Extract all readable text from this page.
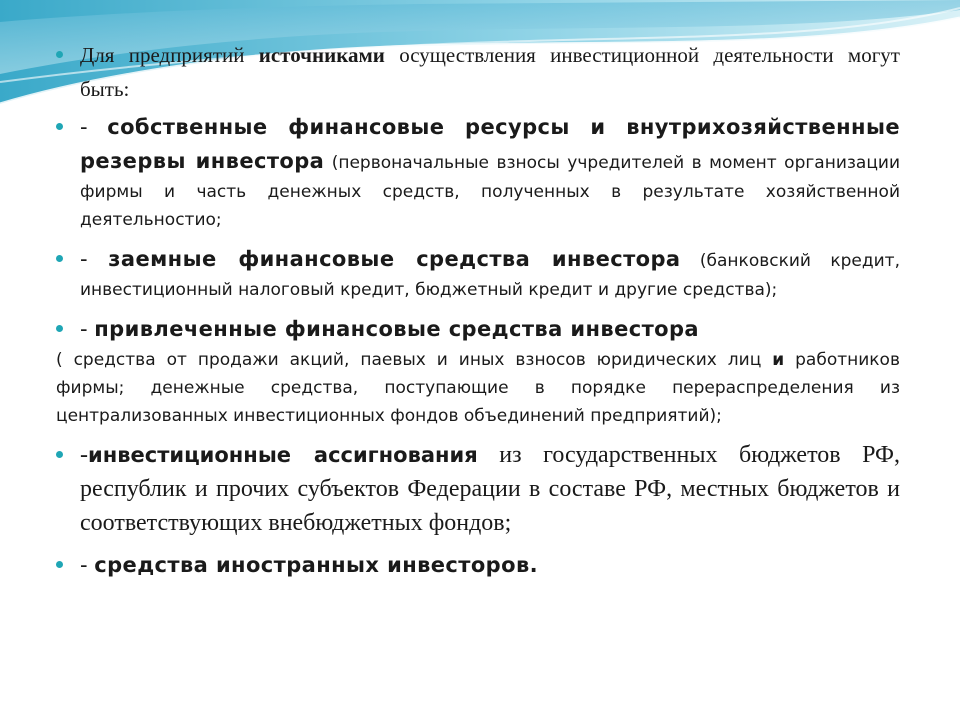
Для предприятий источниками осуществления инвестиционной деятельности могут быть:
- собственные финансовые ресурсы и внутрихозяйственные резервы инвестора (первоначальные взносы учредителей в момент организации фирмы и часть денежных средств, полученных в результате хозяйственной деятельностио;
- заемные финансовые средства инвестора (банковский кредит, инвестиционный налоговый кредит, бюджетный кредит и другие средства);
- привлеченные финансовые средства инвестора
( средства от продажи акций, паевых и иных взносов юридических лиц и работников фирмы; денежные средства, поступающие в порядке перераспределения из централизованных инвестиционных фондов объединений предприятий);
-инвестиционные ассигнования из государственных бюджетов РФ, республик и прочих субъектов Федерации в составе РФ, местных бюджетов и соответствующих внебюджетных фондов;
- средства иностранных инвесторов.
